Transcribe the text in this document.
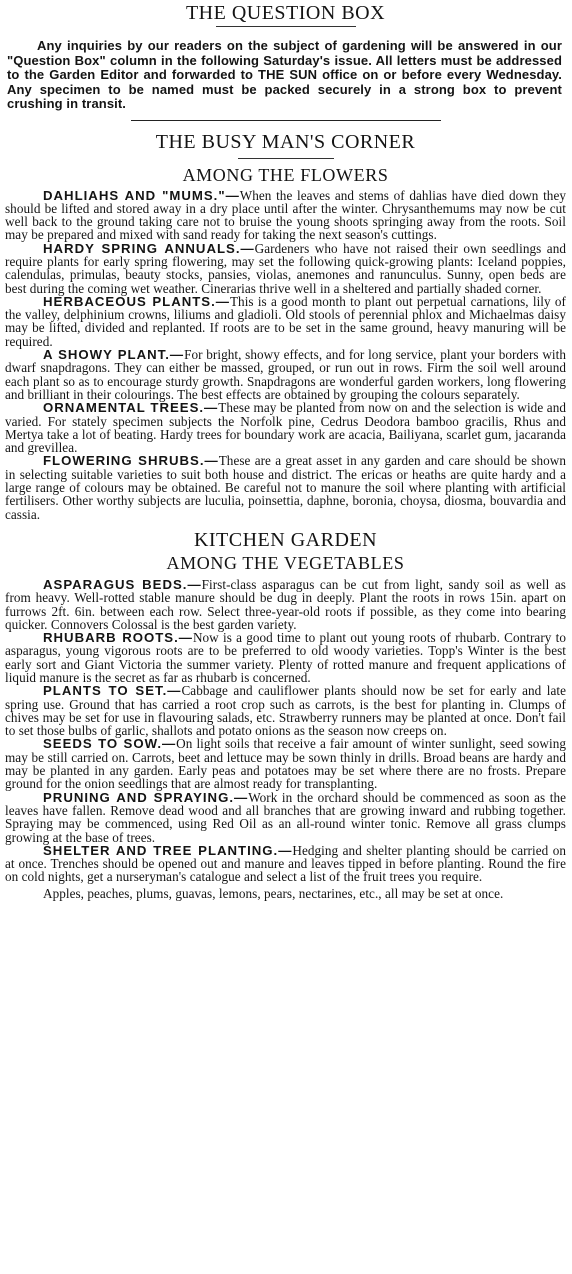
THE QUESTION BOX

Any inquiries by our readers on the subject of gardening will be answered in our "Question Box" column in the following Saturday's issue. All letters must be addressed to the Garden Editor and forwarded to THE SUN office on or before every Wednesday. Any specimen to be named must be packed securely in a strong box to prevent crushing in transit.

THE BUSY MAN'S CORNER
AMONG THE FLOWERS

DAHLIAHS AND "MUMS."—When the leaves and stems of dahlias have died down they should be lifted and stored away in a dry place until after the winter. Chrysanthemums may now be cut well back to the ground taking care not to bruise the young shoots springing away from the roots. Soil may be prepared and mixed with sand ready for taking the next season's cuttings.

HARDY SPRING ANNUALS.—Gardeners who have not raised their own seedlings and require plants for early spring flowering, may set the following quick-growing plants: Iceland poppies, calendulas, primulas, beauty stocks, pansies, violas, anemones and ranunculus. Sunny, open beds are best during the coming wet weather. Cinerarias thrive well in a sheltered and partially shaded corner.

HERBACEOUS PLANTS.—This is a good month to plant out perpetual carnations, lily of the valley, delphinium crowns, liliums and gladioli. Old stools of perennial phlox and Michaelmas daisy may be lifted, divided and replanted. If roots are to be set in the same ground, heavy manuring will be required.

A SHOWY PLANT.—For bright, showy effects, and for long service, plant your borders with dwarf snapdragons. They can either be massed, grouped, or run out in rows. Firm the soil well around each plant so as to encourage sturdy growth. Snapdragons are wonderful garden workers, long flowering and brilliant in their colourings. The best effects are obtained by grouping the colours separately.

ORNAMENTAL TREES.—These may be planted from now on and the selection is wide and varied. For stately specimen subjects the Norfolk pine, Cedrus Deodora bamboo gracilis, Rhus and Mertya take a lot of beating. Hardy trees for boundary work are acacia, Bailiyana, scarlet gum, jacaranda and grevillea.

FLOWERING SHRUBS.—These are a great asset in any garden and care should be shown in selecting suitable varieties to suit both house and district. The ericas or heaths are quite hardy and a large range of colours may be obtained. Be careful not to manure the soil where planting with artificial fertilisers. Other worthy subjects are luculia, poinsettia, daphne, boronia, choysa, diosma, bouvardia and cassia.

KITCHEN GARDEN
AMONG THE VEGETABLES

ASPARAGUS BEDS.—First-class asparagus can be cut from light, sandy soil as well as from heavy. Well-rotted stable manure should be dug in deeply. Plant the roots in rows 15in. apart on furrows 2ft. 6in. between each row. Select three-year-old roots if possible, as they come into bearing quicker. Connovers Colossal is the best garden variety.

RHUBARB ROOTS.—Now is a good time to plant out young roots of rhubarb. Contrary to asparagus, young vigorous roots are to be preferred to old woody varieties. Topp's Winter is the best early sort and Giant Victoria the summer variety. Plenty of rotted manure and frequent applications of liquid manure is the secret as far as rhubarb is concerned.

PLANTS TO SET.—Cabbage and cauliflower plants should now be set for early and late spring use. Ground that has carried a root crop such as carrots, is the best for planting in. Clumps of chives may be set for use in flavouring salads, etc. Strawberry runners may be planted at once. Don't fail to set those bulbs of garlic, shallots and potato onions as the season now creeps on.

SEEDS TO SOW.—On light soils that receive a fair amount of winter sunlight, seed sowing may be still carried on. Carrots, beet and lettuce may be sown thinly in drills. Broad beans are hardy and may be planted in any garden. Early peas and potatoes may be set where there are no frosts. Prepare ground for the onion seedlings that are almost ready for transplanting.

PRUNING AND SPRAYING.—Work in the orchard should be commenced as soon as the leaves have fallen. Remove dead wood and all branches that are growing inward and rubbing together. Spraying may be commenced, using Red Oil as an all-round winter tonic. Remove all grass clumps growing at the base of trees.

SHELTER AND TREE PLANTING.—Hedging and shelter planting should be carried on at once. Trenches should be opened out and manure and leaves tipped in before planting. Round the fire on cold nights, get a nurseryman's catalogue and select a list of the fruit trees you require.

Apples, peaches, plums, guavas, lemons, pears, nectarines, etc., all may be set at once.
